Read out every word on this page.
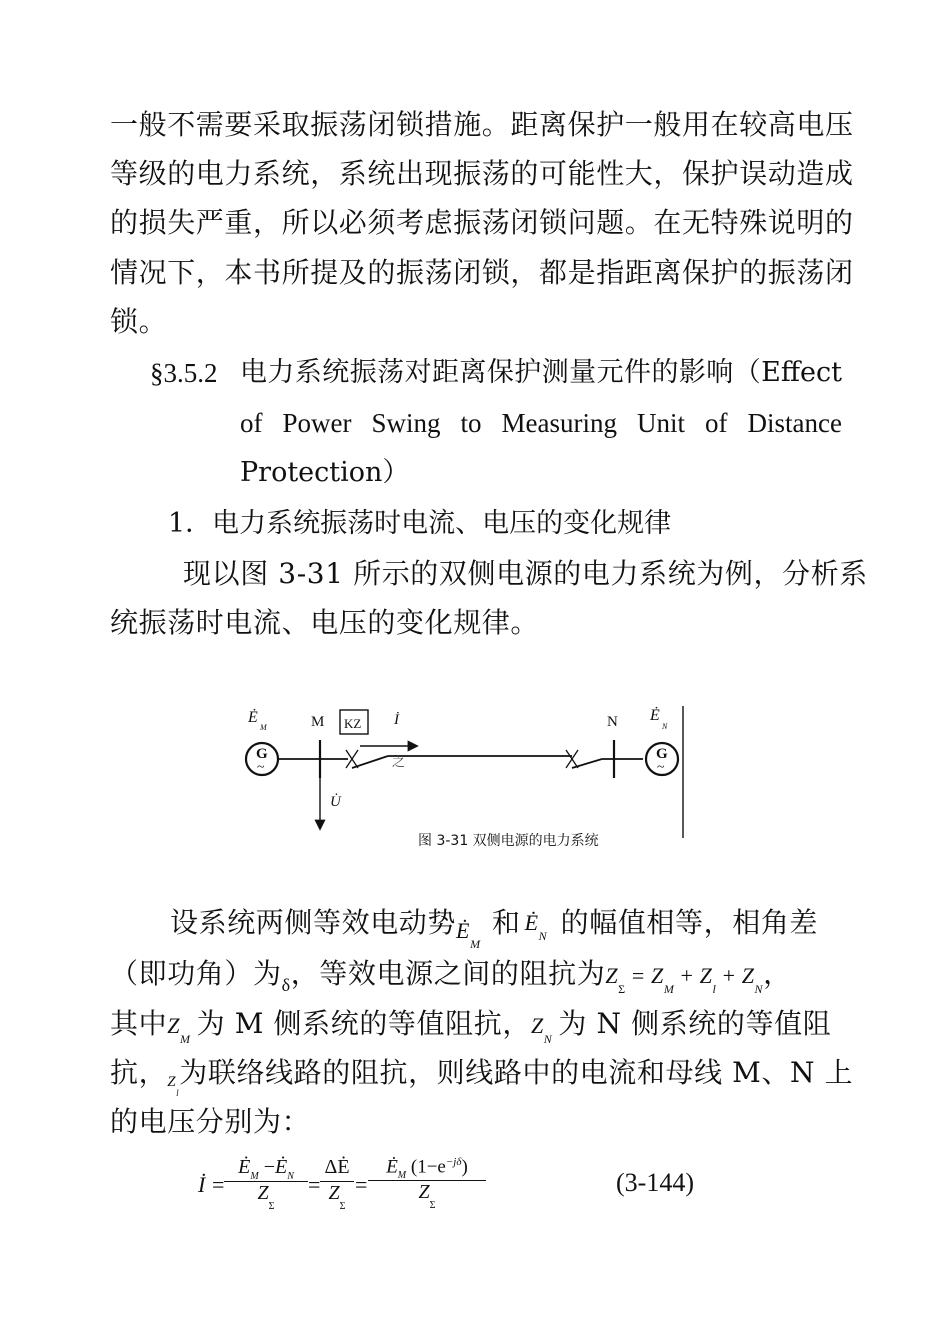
一般不需要采取振荡闭锁措施。距离保护一般用在较高电压
等级的电力系统，系统出现振荡的可能性大，保护误动造成
的损失严重，所以必须考虑振荡闭锁问题。在无特殊说明的
情况下，本书所提及的振荡闭锁，都是指距离保护的振荡闭
锁。
§3.5.2 电力系统振荡对距离保护测量元件的影响（Effect
of  Power  Swing  to  Measuring  Unit  of  Distance
Protection）
1．电力系统振荡时电流、电压的变化规律
现以图 3-31 所示的双侧电源的电力系统为例，分析系
统振荡时电流、电压的变化规律。
Ė
M	M KZ İ	N Ė
N
U̇
G
~
G
~
之
图 3-31 双侧电源的电力系统
设系统两侧等效电动势$Ė_M$和 $Ė_N$ 的幅值相等，相角差
（即功角）为$_\delta$，等效电源之间的阻抗为$Z_\Sigma = Z_M + Z_l + Z_N$，
其中$Z_M$ 为 M 侧系统的等值阻抗，$Z_N$ 为 N 侧系统的等值阻
抗，$Z_l$为联络线路的阻抗，则线路中的电流和母线 M、N 上
的电压分别为：
İ =
$Ė_M$ $-Ė_N$
$Z_\Sigma$
=
ΔĖ
$Z_\Sigma$
=
$Ė_M$ $(1-e^{-j\delta})$
$Z_\Sigma$
(3-144)
